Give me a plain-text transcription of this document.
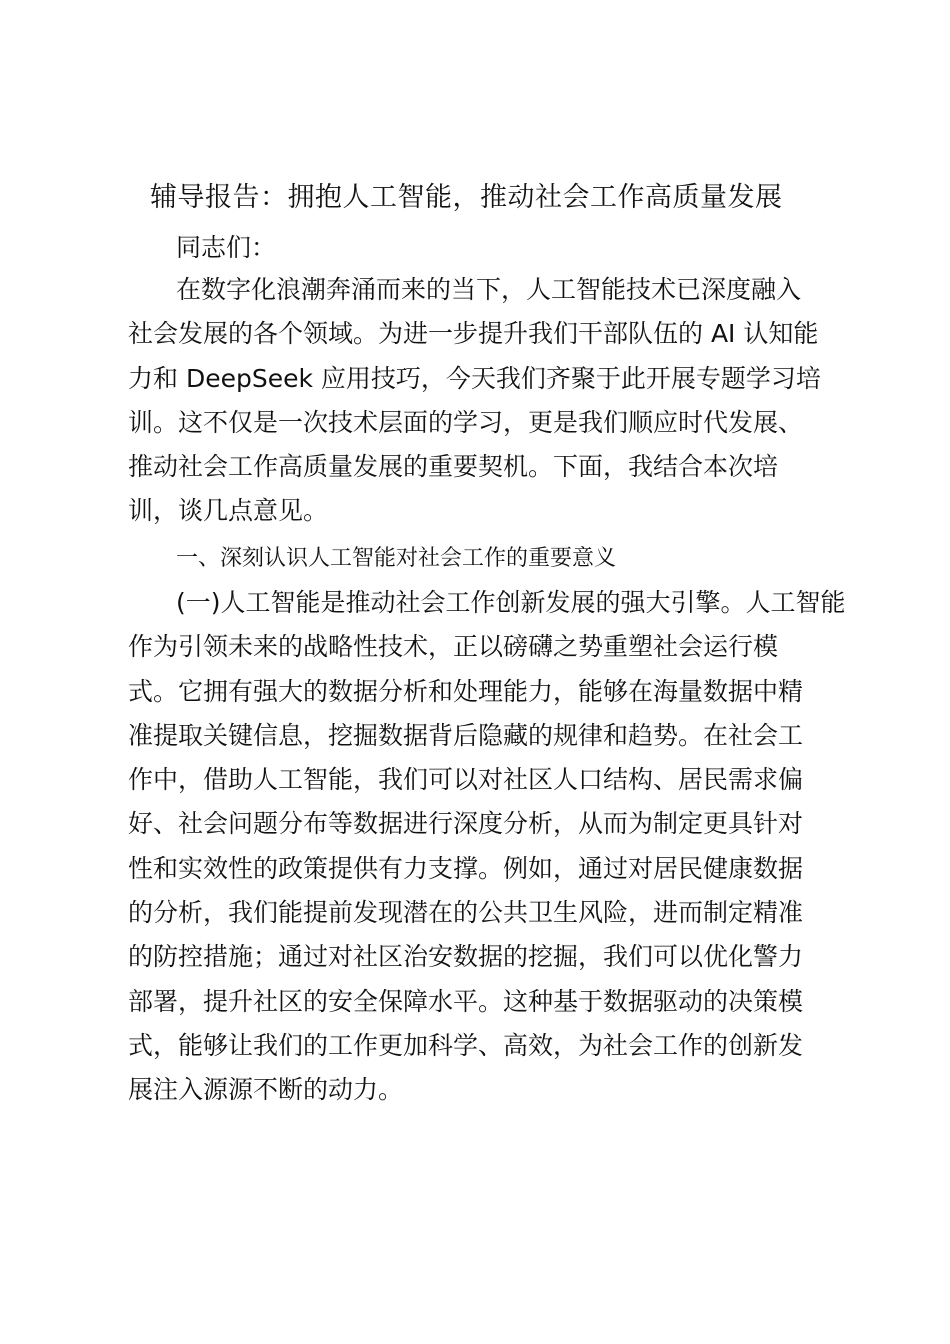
辅导报告：拥抱人工智能，推动社会工作高质量发展
同志们：
在数字化浪潮奔涌而来的当下，人工智能技术已深度融入
社会发展的各个领域。为进一步提升我们干部队伍的 AI 认知能
力和 DeepSeek 应用技巧，今天我们齐聚于此开展专题学习培
训。这不仅是一次技术层面的学习，更是我们顺应时代发展、
推动社会工作高质量发展的重要契机。下面，我结合本次培
训，谈几点意见。
一、深刻认识人工智能对社会工作的重要意义
(一)人工智能是推动社会工作创新发展的强大引擎。人工智能
作为引领未来的战略性技术，正以磅礴之势重塑社会运行模
式。它拥有强大的数据分析和处理能力，能够在海量数据中精
准提取关键信息，挖掘数据背后隐藏的规律和趋势。在社会工
作中，借助人工智能，我们可以对社区人口结构、居民需求偏
好、社会问题分布等数据进行深度分析，从而为制定更具针对
性和实效性的政策提供有力支撑。例如，通过对居民健康数据
的分析，我们能提前发现潜在的公共卫生风险，进而制定精准
的防控措施；通过对社区治安数据的挖掘，我们可以优化警力
部署，提升社区的安全保障水平。这种基于数据驱动的决策模
式，能够让我们的工作更加科学、高效，为社会工作的创新发
展注入源源不断的动力。
